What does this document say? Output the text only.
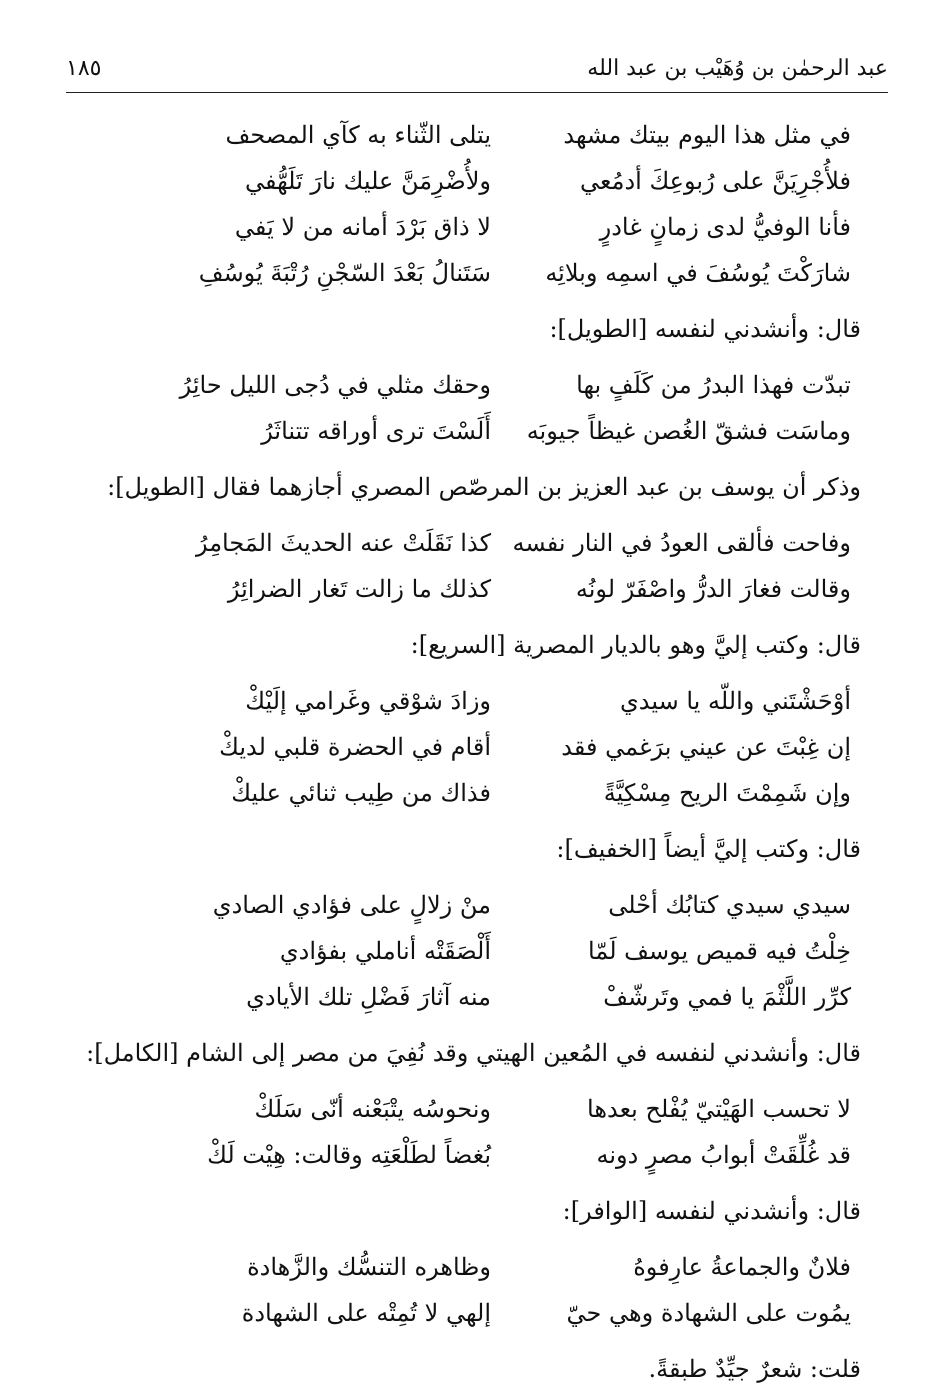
عبد الرحمٰن بن وُهَيْب بن عبد الله
١٨٥
في مثل هذا اليوم بيتك مشهد
يتلى الثّناء به كآي المصحف
فلأُجْرِيَنَّ على رُبوعِكَ أدمُعي
ولأُضْرِمَنَّ عليك نارَ تَلَهُّفي
فأنا الوفيُّ لدى زمانٍ غادرٍ
لا ذاق بَرْدَ أمانه من لا يَفي
شارَكْتَ يُوسُفَ في اسمِه وبلائِه
سَتَنالُ بَعْدَ السّجْنِ رُتْبَةَ يُوسُفِ
قال: وأنشدني لنفسه [الطويل]:
تبدّت فهذا البدرُ من كَلَفٍ بها
وحقك مثلي في دُجى الليل حائِرُ
وماسَت فشقّ الغُصن غيظاً جيوبَه
أَلَسْتَ ترى أوراقه تتناثَرُ
وذكر أن يوسف بن عبد العزيز بن المرصّص المصري أجازهما فقال [الطويل]:
وفاحت فألقى العودُ في النار نفسه
كذا نَقَلَتْ عنه الحديثَ المَجامِرُ
وقالت فغارَ الدرُّ واصْفَرّ لونُه
كذلك ما زالت تَغار الضرائِرُ
قال: وكتب إليَّ وهو بالديار المصرية [السريع]:
أوْحَشْتَني واللّه يا سيدي
وزادَ شوْقي وغَرامي إلَيْكْ
إن غِبْتَ عن عيني برَغمي فقد
أقام في الحضرة قلبي لديكْ
وإن شَمِمْتَ الريح مِسْكِيَّةً
فذاك من طِيب ثنائي عليكْ
قال: وكتب إليَّ أيضاً [الخفيف]:
سيدي سيدي كتابُك أحْلى
منْ زلالٍ على فؤادي الصادي
خِلْتُ فيه قميص يوسف لَمّا
أَلْصَقَتْه أناملي بفؤادي
كرِّر اللَّثْمَ يا فمي وتَرشّفْ
منه آثارَ فَضْلِ تلك الأيادي
قال: وأنشدني لنفسه في المُعين الهيتي وقد نُفِيَ من مصر إلى الشام [الكامل]:
لا تحسب الهَيْتيّ يُفْلح بعدها
ونحوسُه يتْبَعْنه أنّى سَلَكْ
قد غُلِّقَتْ أبوابُ مصرٍ دونه
بُغضاً لطَلْعَتِه وقالت: هِيْت لَكْ
قال: وأنشدني لنفسه [الوافر]:
فلانٌ والجماعةُ عارِفوهُ
وظاهره التنسُّك والزَّهادة
يمُوت على الشهادة وهي حيّ
إلهي لا تُمِتْه على الشهادة
قلت: شعرٌ جيِّدٌ طبقةً.
